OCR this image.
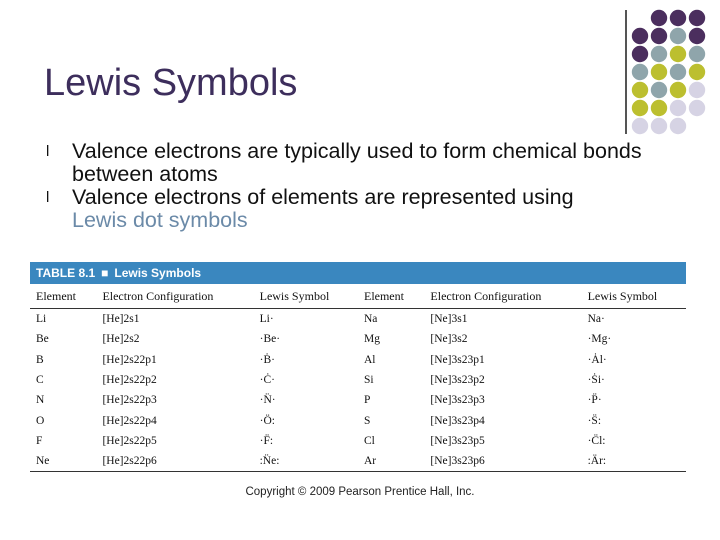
Lewis Symbols
l Valence electrons are typically used to form chemical bonds between atoms
l Valence electrons of elements are represented using
Lewis dot symbols
TABLE 8.1 ■ Lewis Symbols
Element	Electron Configuration	Lewis Symbol	Element	Electron Configuration	Lewis Symbol
Li	[He]2s1	Li·	Na	[Ne]3s1	Na·
Be	[He]2s2	·Be·	Mg	[Ne]3s2	·Mg·
B	[He]2s22p1	·Ḃ·	Al	[Ne]3s23p1	·Ȧl·
C	[He]2s22p2	·Ċ·	Si	[Ne]3s23p2	·Ṡi·
N	[He]2s22p3	·N̈·	P	[Ne]3s23p3	·P̈·
O	[He]2s22p4	·Ö:	S	[Ne]3s23p4	·S̈:
F	[He]2s22p5	·F̈:	Cl	[Ne]3s23p5	·C̈l:
Ne	[He]2s22p6	:N̈e:	Ar	[Ne]3s23p6	:Är:
Copyright © 2009 Pearson Prentice Hall, Inc.
